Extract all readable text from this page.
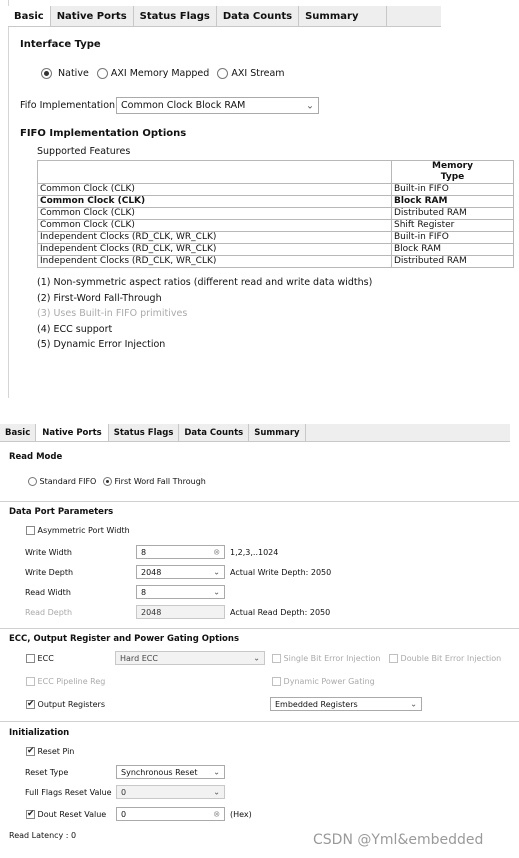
Basic	Native Ports	Status Flags	Data Counts	Summary
Interface Type
Native AXI Memory Mapped AXI Stream
Fifo Implementation Common Clock Block RAM	⌄
FIFO Implementation Options
Supported Features
	Memory
Type
Common Clock (CLK)	Built-in FIFO
Common Clock (CLK)	Block RAM
Common Clock (CLK)	Distributed RAM
Common Clock (CLK)	Shift Register
Independent Clocks (RD_CLK, WR_CLK)	Built-in FIFO
Independent Clocks (RD_CLK, WR_CLK)	Block RAM
Independent Clocks (RD_CLK, WR_CLK)	Distributed RAM
(1) Non-symmetric aspect ratios (different read and write data widths)
(2) First-Word Fall-Through
(3) Uses Built-in FIFO primitives
(4) ECC support
(5) Dynamic Error Injection
Basic	Native Ports	Status Flags	Data Counts	Summary
Read Mode
Standard FIFO First Word Fall Through
Data Port Parameters
Asymmetric Port Width
Write Width	8	⊗ 1,2,3,..1024
Write Depth	2048	⌄ Actual Write Depth: 2050
Read Width	8	⌄
Read Depth	2048	Actual Read Depth: 2050
ECC, Output Register and Power Gating Options
ECC	Hard ECC	⌄	Single Bit Error Injection	Double Bit Error Injection
ECC Pipeline Reg	Dynamic Power Gating
✔ Output Registers	Embedded Registers	⌄
Initialization
✔ Reset Pin
Reset Type	Synchronous Reset ⌄
Full Flags Reset Value 0	⌄
✔ Dout Reset Value 0	⊗ (Hex)
Read Latency : 0	CSDN @Yml&embedded
